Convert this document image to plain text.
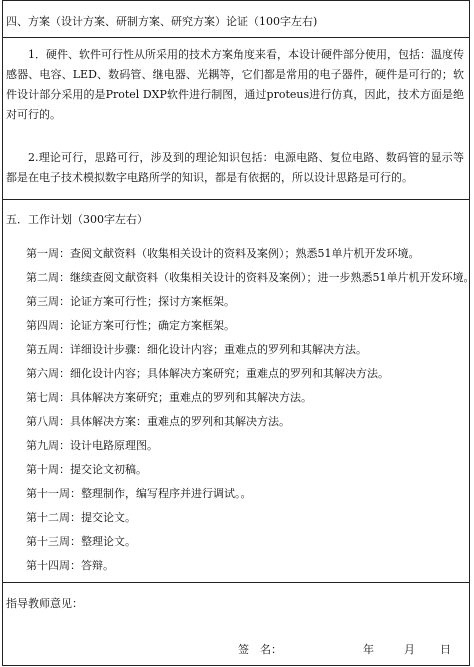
四、方案（设计方案、研制方案、研究方案）论证（100字左右)
1．硬件、软件可行性从所采用的技术方案角度来看，本设计硬件部分使用，包括：温度传感器、电容、LED、数码管、继电器、光耦等，它们都是常用的电子器件，硬件是可行的；软件设计部分采用的是Protel DXP软件进行制图，通过proteus进行仿真，因此，技术方面是绝对可行的。
2.理论可行，思路可行，涉及到的理论知识包括：电源电路、复位电路、数码管的显示等都是在电子技术模拟数字电路所学的知识，都是有依据的，所以设计思路是可行的。
五．工作计划（300字左右）
第一周：查阅文献资料（收集相关设计的资料及案例）；熟悉51单片机开发环境。
第二周：继续查阅文献资料（收集相关设计的资料及案例）；进一步熟悉51单片机开发环境。
第三周：论证方案可行性；探讨方案框架。
第四周：论证方案可行性；确定方案框架。
第五周：详细设计步骤：细化设计内容；重难点的罗列和其解决方法。
第六周：细化设计内容；具体解决方案研究；重难点的罗列和其解决方法。
第七周：具体解决方案研究；重难点的罗列和其解决方法。
第八周：具体解决方案：重难点的罗列和其解决方法。
第九周：设计电路原理图。
第十周：提交论文初稿。
第十一周：整理制作，编写程序并进行调试。。
第十二周：提交论文。
第十三周：整理论文。
第十四周：答辩。
指导教师意见：
签　名：	年	月 日
